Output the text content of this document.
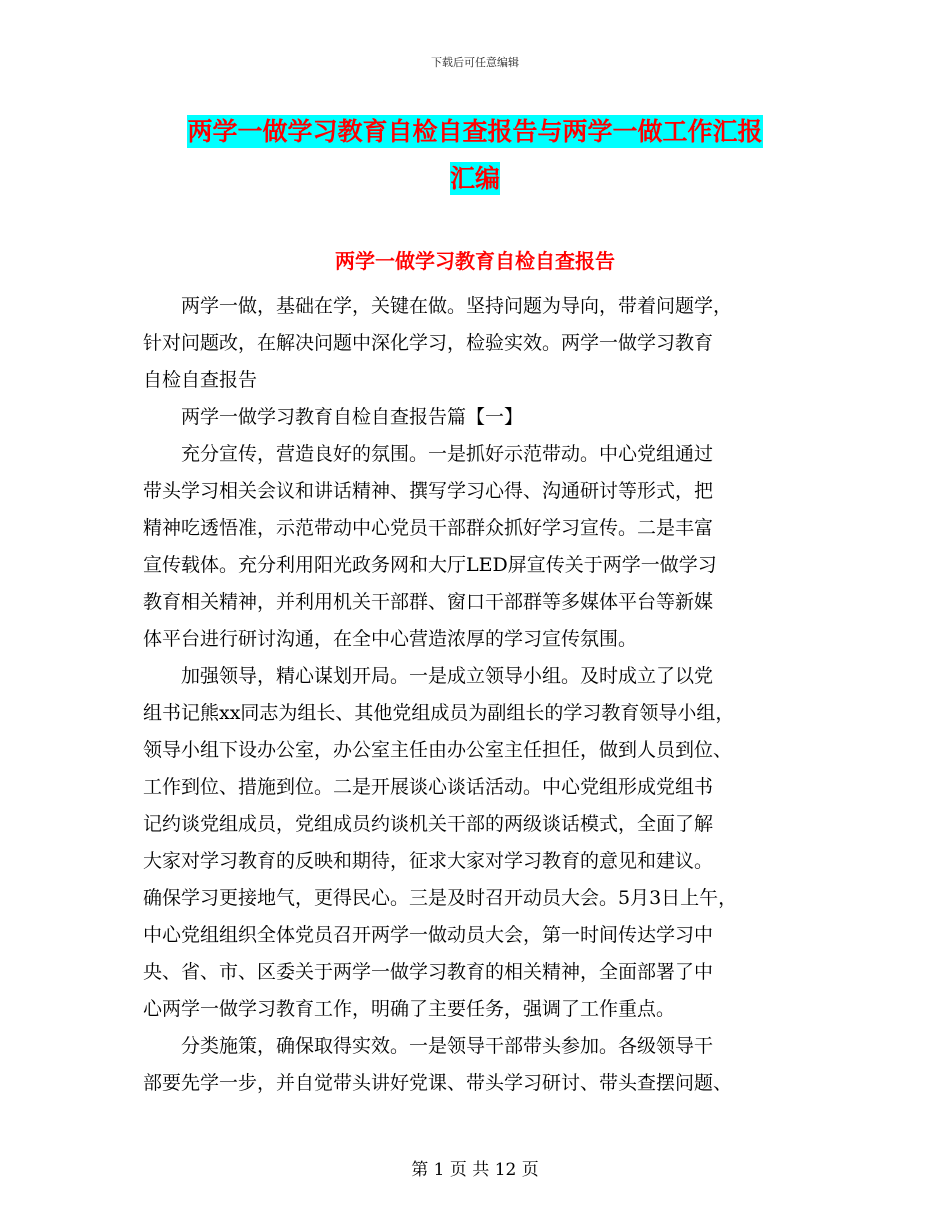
下载后可任意编辑
两学一做学习教育自检自查报告与两学一做工作汇报
汇编
两学一做学习教育自检自查报告

两学一做，基础在学，关键在做。坚持问题为导向，带着问题学，

针对问题改，在解决问题中深化学习，检验实效。两学一做学习教育

自检自查报告

两学一做学习教育自检自查报告篇【一】

充分宣传，营造良好的氛围。一是抓好示范带动。中心党组通过

带头学习相关会议和讲话精神、撰写学习心得、沟通研讨等形式，把

精神吃透悟准，示范带动中心党员干部群众抓好学习宣传。二是丰富

宣传载体。充分利用阳光政务网和大厅LED屏宣传关于两学一做学习

教育相关精神，并利用机关干部群、窗口干部群等多媒体平台等新媒

体平台进行研讨沟通，在全中心营造浓厚的学习宣传氛围。

加强领导，精心谋划开局。一是成立领导小组。及时成立了以党

组书记熊xx同志为组长、其他党组成员为副组长的学习教育领导小组，

领导小组下设办公室，办公室主任由办公室主任担任，做到人员到位、

工作到位、措施到位。二是开展谈心谈话活动。中心党组形成党组书

记约谈党组成员，党组成员约谈机关干部的两级谈话模式，全面了解

大家对学习教育的反映和期待，征求大家对学习教育的意见和建议。

确保学习更接地气，更得民心。三是及时召开动员大会。5月3日上午，

中心党组组织全体党员召开两学一做动员大会，第一时间传达学习中

央、省、市、区委关于两学一做学习教育的相关精神，全面部署了中

心两学一做学习教育工作，明确了主要任务，强调了工作重点。

分类施策，确保取得实效。一是领导干部带头参加。各级领导干

部要先学一步，并自觉带头讲好党课、带头学习研讨、带头查摆问题、

第 1 页 共 12 页
